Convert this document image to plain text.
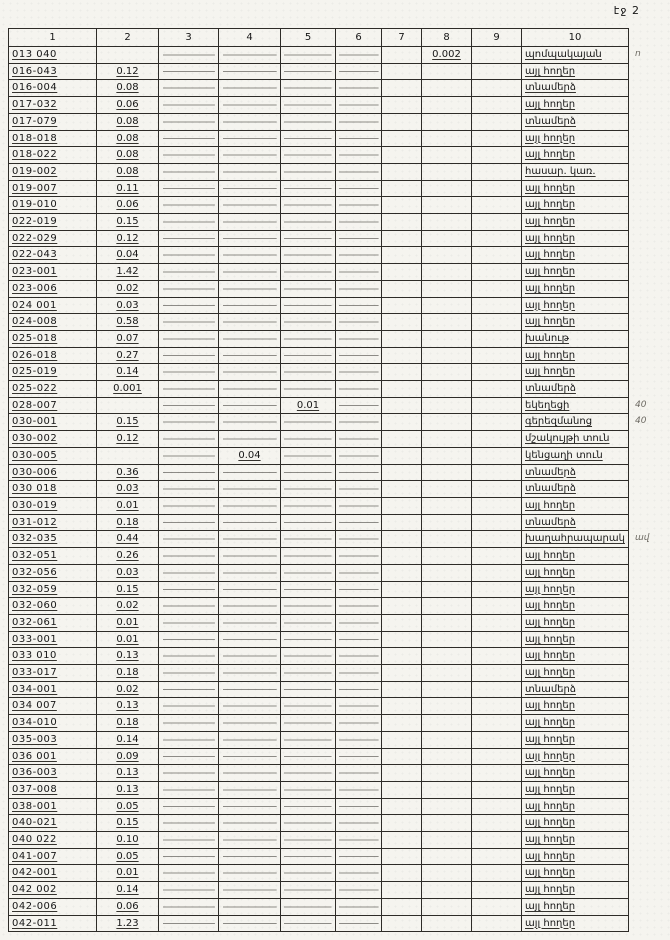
էջ 2
1	2	3	4	5	6	7	8	9	10	
013 040							0.002		պոմպակայան	ո
016-043	0.12								այլ հողեր	
016-004	0.08								տնամերձ	
017-032	0.06								այլ հողեր	
017-079	0.08								տնամերձ	
018-018	0.08								այլ հողեր	
018-022	0.08								այլ հողեր	
019-002	0.08								հասար. կառ.	
019-007	0.11								այլ հողեր	
019-010	0.06								այլ հողեր	
022-019	0.15								այլ հողեր	
022-029	0.12								այլ հողեր	
022-043	0.04								այլ հողեր	
023-001	1.42								այլ հողեր	
023-006	0.02								այլ հողեր	
024 001	0.03								այլ հողեր	
024-008	0.58								այլ հողեր	
025-018	0.07								խանութ	
026-018	0.27								այլ հողեր	
025-019	0.14								այլ հողեր	
025-022	0.001								տնամերձ	
028-007				0.01					եկեղեցի	40
030-001	0.15								գերեզմանոց	40
030-002	0.12								մշակույթի տուն	
030-005			0.04						կենցաղի տուն	
030-006	0.36								տնամերձ	
030 018	0.03								տնամերձ	
030-019	0.01								այլ հողեր	
031-012	0.18								տնամերձ	
032-035	0.44								խաղահրապարակ	ավ
032-051	0.26								այլ հողեր	
032-056	0.03								այլ հողեր	
032-059	0.15								այլ հողեր	
032-060	0.02								այլ հողեր	
032-061	0.01								այլ հողեր	
033-001	0.01								այլ հողեր	
033 010	0.13								այլ հողեր	
033-017	0.18								այլ հողեր	
034-001	0.02								տնամերձ	
034 007	0.13								այլ հողեր	
034-010	0.18								այլ հողեր	
035-003	0.14								այլ հողեր	
036 001	0.09								այլ հողեր	
036-003	0.13								այլ հողեր	
037-008	0.13								այլ հողեր	
038-001	0.05								այլ հողեր	
040-021	0.15								այլ հողեր	
040 022	0.10								այլ հողեր	
041-007	0.05								այլ հողեր	
042-001	0.01								այլ հողեր	
042 002	0.14								այլ հողեր	
042-006	0.06								այլ հողեր	
042-011	1.23								այլ հողեր	
